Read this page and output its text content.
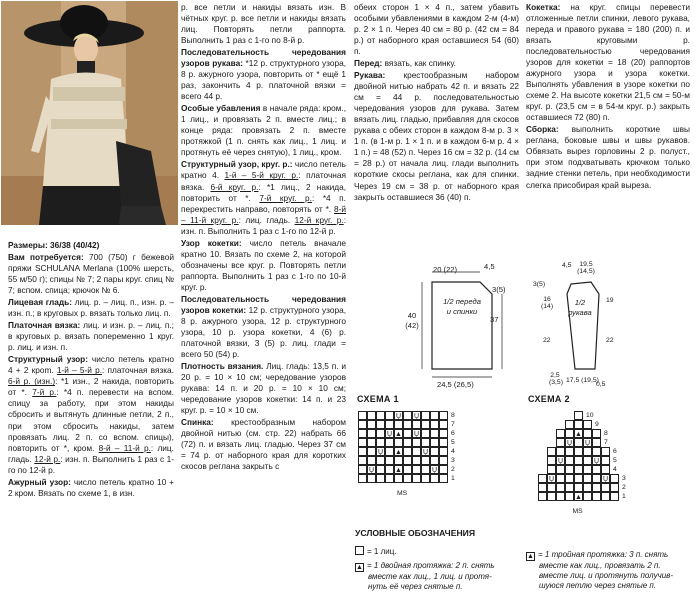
Размеры: 36/38 (40/42)

Вам потребуется: 700 (750) г бежевой пряжи SCHULANA Merlana (100% шерсть, 55 м/50 г); спицы № 7; 2 пары круг. спиц № 7; вспом. спица; крючок № 6.

Лицевая гладь: лиц. р. – лиц. п., изн. р. – изн. п.; в круговых р. вязать только лиц. п.

Платочная вязка: лиц. и изн. р. – лиц. п.; в круговых р. вязать попеременно 1 круг. р. лиц. и изн. п.

Структурный узор: число петель кратно 4 + 2 крom. 1-й – 5-й р.: платочная вязка. 6-й р. (изн.): *1 изн., 2 накида, повторить от *. 7-й р.: *4 п. перевести на вспом. спицу за работу, при этом накиды сбросить и вытянуть длинные петли, 2 п., при этом сбросить накиды, затем провязать лиц. 2 п. со вспом. спицы), повторить от *, кром. 8-й – 11-й р.: лиц. гладь. 12-й р.: изн. п. Выполнить 1 раз с 1-го по 12-й р.

Ажурный узор: число петель кратно 10 + 2 кром. Вязать по схеме 1, в изн.

р. все петли и накиды вязать изн. В чётных круг. р. все петли и накиды вязать лиц. Повторять петли раппорта. Выполнить 1 раз с 1-го по 8-й р.

Последовательность чередования узоров рукава: *12 р. структурного узора, 8 р. ажурного узора, повторить от * ещё 1 раз, закончить 4 р. платочной вязки = всего 44 р.

Особые убавления в начале ряда: кром., 1 лиц., и провязать 2 п. вместе лиц.; в конце ряда: провязать 2 п. вместе протяжкой (1 п. снять как лиц., 1 лиц. и протянуть её через снятую), 1 лиц., кром.

Структурный узор, круг. р.: число петель кратно 4. 1-й – 5-й круг. р.: платочная вязка. 6-й круг. р.: *1 лиц., 2 накида, повторить от *. 7-й круг. р.: *4 п. перекрестить направо, повторять от *. 8-й – 11-й круг. р.: лиц. гладь. 12-й круг. р.: изн. п. Выполнить 1 раз с 1-го по 12-й р.

Узор кокетки: число петель вначале кратно 10. Вязать по схеме 2, на которой обозначены все круг. р. Повторять петли раппорта. Выполнить 1 раз с 1-го по 10-й круг. р.

Последовательность чередования узоров кокетки: 12 р. структурного узора, 8 р. ажурного узора, 12 р. структурного узора, 10 р. узора кокетки, 4 (6) р. платочной вязки, 3 (5) р. лиц. глади = всего 50 (54) р.

Плотность вязания. Лиц. гладь: 13,5 п. и 20 р. = 10 × 10 см; чередование узоров рукава: 14 п. и 20 р. = 10 × 10 см; чередование узоров кокетки: 14 п. и 23 круг. р. = 10 × 10 см.

Спинка: крестообразным набором двойной нитью (см. стр. 22) набрать 66 (72) п. и вязать лиц. гладью. Через 37 см = 74 р. от наборного края для коротких скосов реглана закрыть с

обеих сторон 1 × 4 п., затем убавить особыми убавлениями в каждом 2-м (4-м) р. 2 × 1 п. Через 40 см = 80 р. (42 см = 84 р.) от наборного края оставшиеся 54 (60) п.

Перед: вязать, как спинку.

Рукава: крестообразным набором двойной нитью набрать 42 п. и вязать 22 см = 44 р. последовательностью чередования узоров для рукава. Затем вязать лиц. гладью, прибавляя для скосов рукава с обеих сторон в каждом 8-м р. 3 × 1 п. (в 1-м р. 1 × 1 п. и в каждом 6-м р. 4 × 1 п.) = 48 (52) п. Через 16 см = 32 р. (14 см = 28 р.) от начала лиц. глади выполнить короткие скосы реглана, как для спинки. Через 19 см = 38 р. от наборного края закрыть оставшиеся 36 (40) п.

Кокетка: на круг. спицы перевести отложенные петли спинки, левого рукава, переда и правого рукава = 180 (200) п. и вязать круговыми р. последовательностью чередования узоров для кокетки = 18 (20) раппортов ажурного узора и узора кокетки. Выполнять убавления в узоре кокетки по схеме 2. На высоте кокетки 21,5 см = 50-м круг. р. (23,5 см = в 54-м круг. р.) закрыть оставшиеся 72 (80) п.

Сборка: выполнить короткие швы реглана, боковые швы и швы рукавов. Обвязать вырез горловины 2 р. полуст., при этом подхватывать крючком только задние стенки петель, при необходимости слегка присобирая край выреза.

20 (22)	4,5
3(5)
40 (42)
37
24,5 (26,5)
1/2 переда и спинки
4,5	19,5 (14,5)
3(5)
16 (14)
19
22	22
2,5 (3,5) 17,5 (19,5)
0,5
1/2 рукава
СХЕМА 1
Ų Ų	8
7
Ų ▲ Ų	6
5
Ų ▲	Ų	4
3
Ų	▲	Ų 2
1
MS
СХЕМА 2
10
9
▲	8
Ų Ų 7
6
Ų	Ų 5
4
Ų	Ų 3
2
▲	1
MS
УСЛОВНЫЕ ОБОЗНАЧЕНИЯ
= 1 лиц.
▲ = 1 двойная протяжка: 2 п. снять
вместе как лиц., 1 лиц. и протя-
нуть её через снятые п.
▲ = 1 тройная протяжка: 3 п. снять
вместе как лиц., провязать 2 п.
вместе лиц. и протянуть получив-
шуюся петлю через снятые п.
